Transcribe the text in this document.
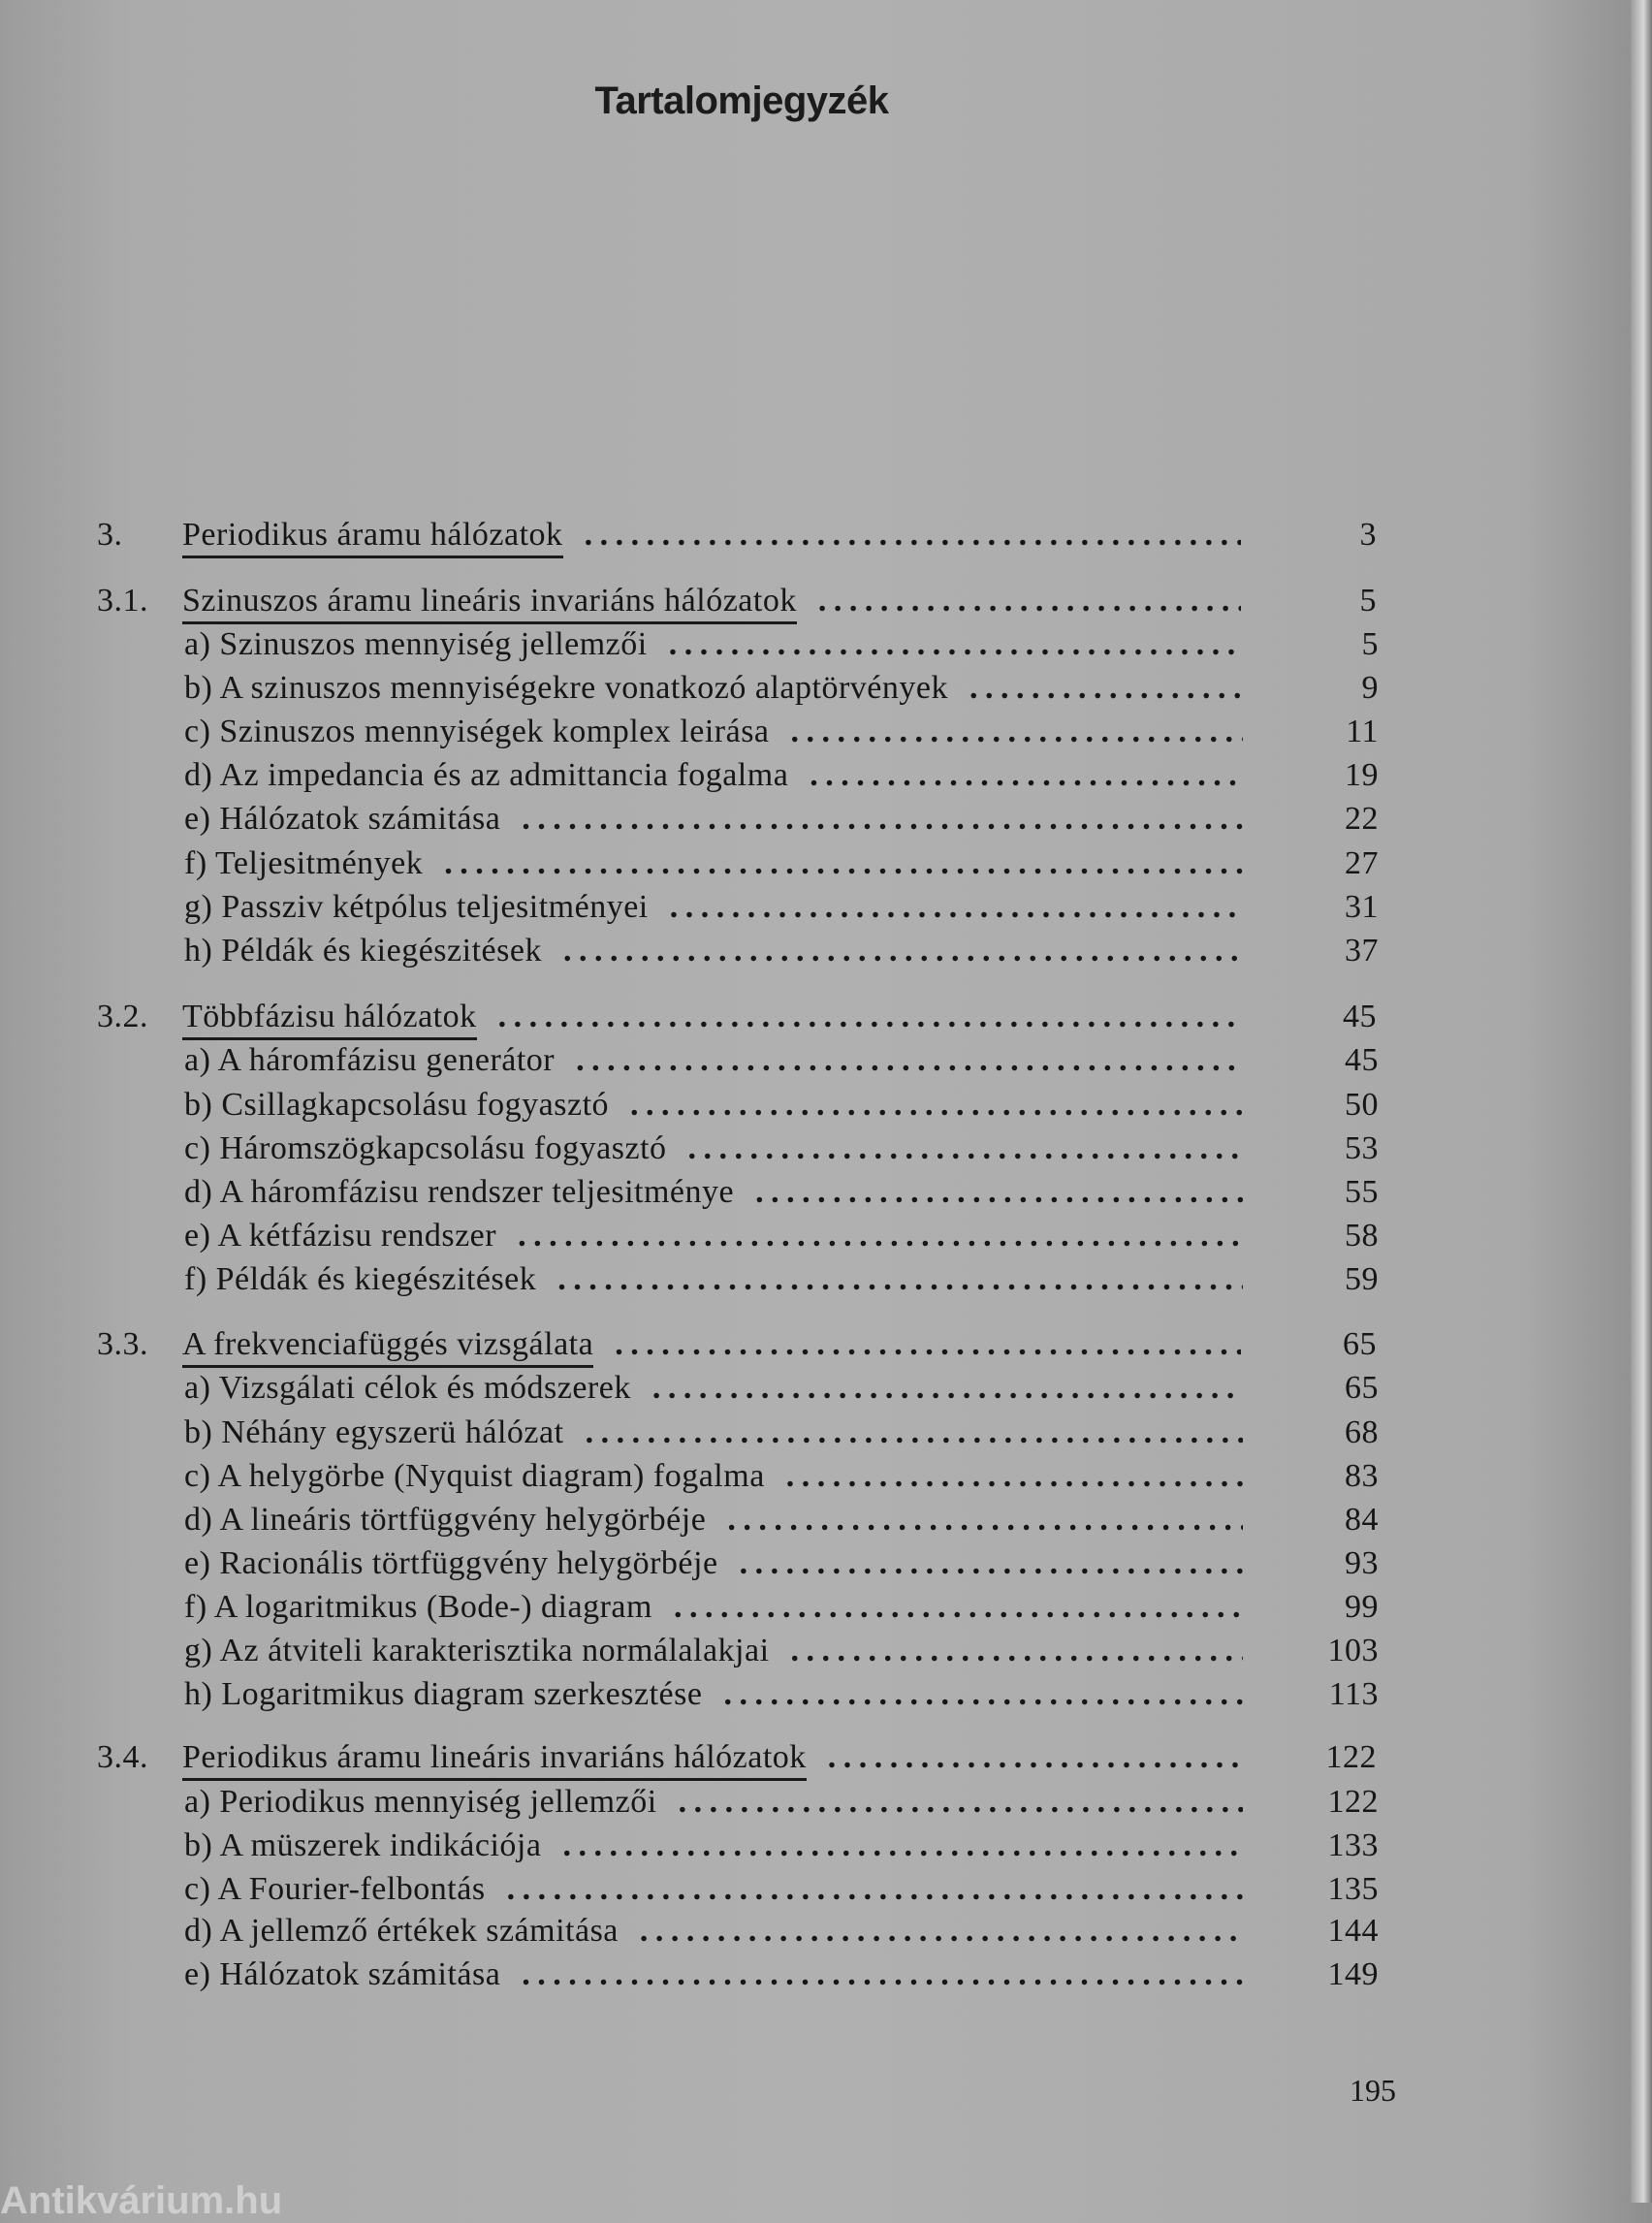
Tartalomjegyzék
3.	Periodikus áramu hálózatok . . .	3
3.1.	Szinuszos áramu lineáris invariáns hálózatok . . .	5
a) Szinuszos mennyiség jellemzői . . .	5
b) A szinuszos mennyiségekre vonatkozó alaptörvények . . .	9
c) Szinuszos mennyiségek komplex leirása . . .	11
d) Az impedancia és az admittancia fogalma . . .	19
e) Hálózatok számitása . . .	22
f) Teljesitmények . . .	27
g) Passziv kétpólus teljesitményei . . .	31
h) Példák és kiegészitések . . .	37
3.2.	Többfázisu hálózatok . . .	45
a) A háromfázisu generátor . . .	45
b) Csillagkapcsolásu fogyasztó . . .	50
c) Háromszögkapcsolásu fogyasztó . . .	53
d) A háromfázisu rendszer teljesitménye . . .	55
e) A kétfázisu rendszer . . .	58
f) Példák és kiegészitések . . .	59
3.3.	A frekvenciafüggés vizsgálata . . .	65
a) Vizsgálati célok és módszerek . . .	65
b) Néhány egyszerü hálózat . . .	68
c) A helygörbe (Nyquist diagram) fogalma . . .	83
d) A lineáris törtfüggvény helygörbéje . . .	84
e) Racionális törtfüggvény helygörbéje . . .	93
f) A logaritmikus (Bode-) diagram . . .	99
g) Az átviteli karakterisztika normálalakjai . . .	103
h) Logaritmikus diagram szerkesztése . . .	113
3.4.	Periodikus áramu lineáris invariáns hálózatok . . .	122
a) Periodikus mennyiség jellemzői . . .	122
b) A müszerek indikációja . . .	133
c) A Fourier-felbontás . . .	135
d) A jellemző értékek számitása . . .	144
e) Hálózatok számitása . . .	149
195
Antikvárium.hu
